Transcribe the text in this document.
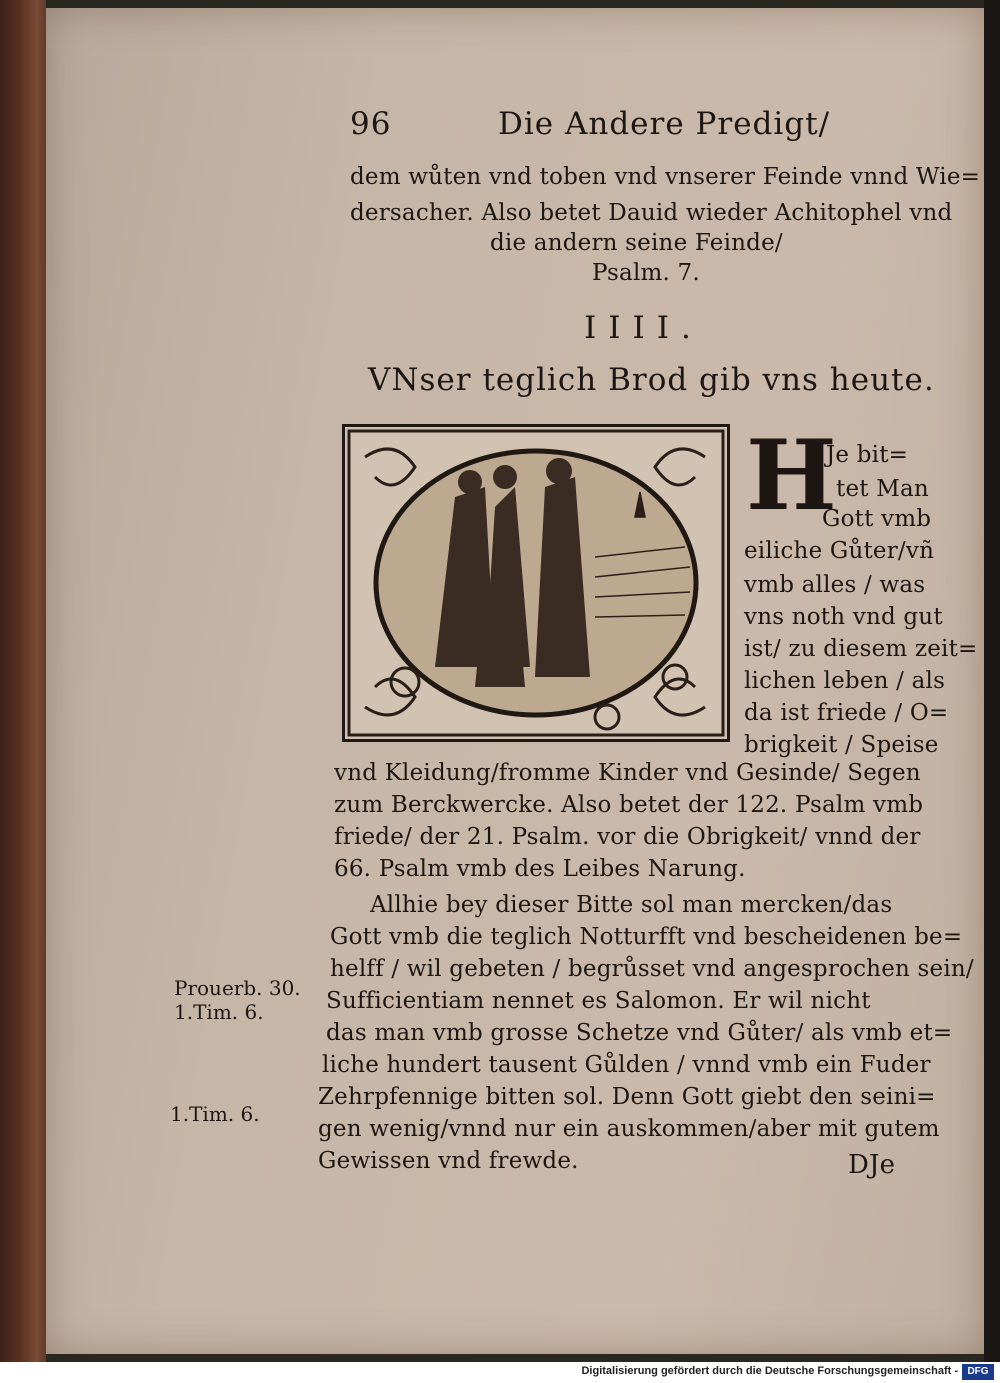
96	Die Andere Predigt/
dem wůten vnd toben vnd vnserer Feinde vnnd Wie=
dersacher. Also betet Dauid wieder Achitophel vnd
die andern seine Feinde/
Psalm. 7.
IIII.
VNser teglich Brod gib vns heute.
H
Je bit=
tet Man
Gott vmb
eiliche Gůter/vñ
vmb alles / was
vns noth vnd gut
ist/ zu diesem zeit=
lichen leben / als
da ist friede / O=
brigkeit / Speise
vnd Kleidung/fromme Kinder vnd Gesinde/ Segen
zum Berckwercke. Also betet der 122. Psalm vmb
friede/ der 21. Psalm. vor die Obrigkeit/ vnnd der
66. Psalm vmb des Leibes Narung.
Allhie bey dieser Bitte sol man mercken/das
Gott vmb die teglich Notturfft vnd bescheidenen be=
helff / wil gebeten / begrůsset vnd angesprochen sein/
Sufficientiam nennet es Salomon. Er wil nicht
das man vmb grosse Schetze vnd Gůter/ als vmb et=
liche hundert tausent Gůlden / vnnd vmb ein Fuder
Zehrpfennige bitten sol. Denn Gott giebt den seini=
gen wenig/vnnd nur ein auskommen/aber mit gutem
Gewissen vnd frewde.	DJe
Prouerb. 30.
1.Tim. 6.
1.Tim. 6.
Digitalisierung gefördert durch die Deutsche Forschungsgemeinschaft - DFG
